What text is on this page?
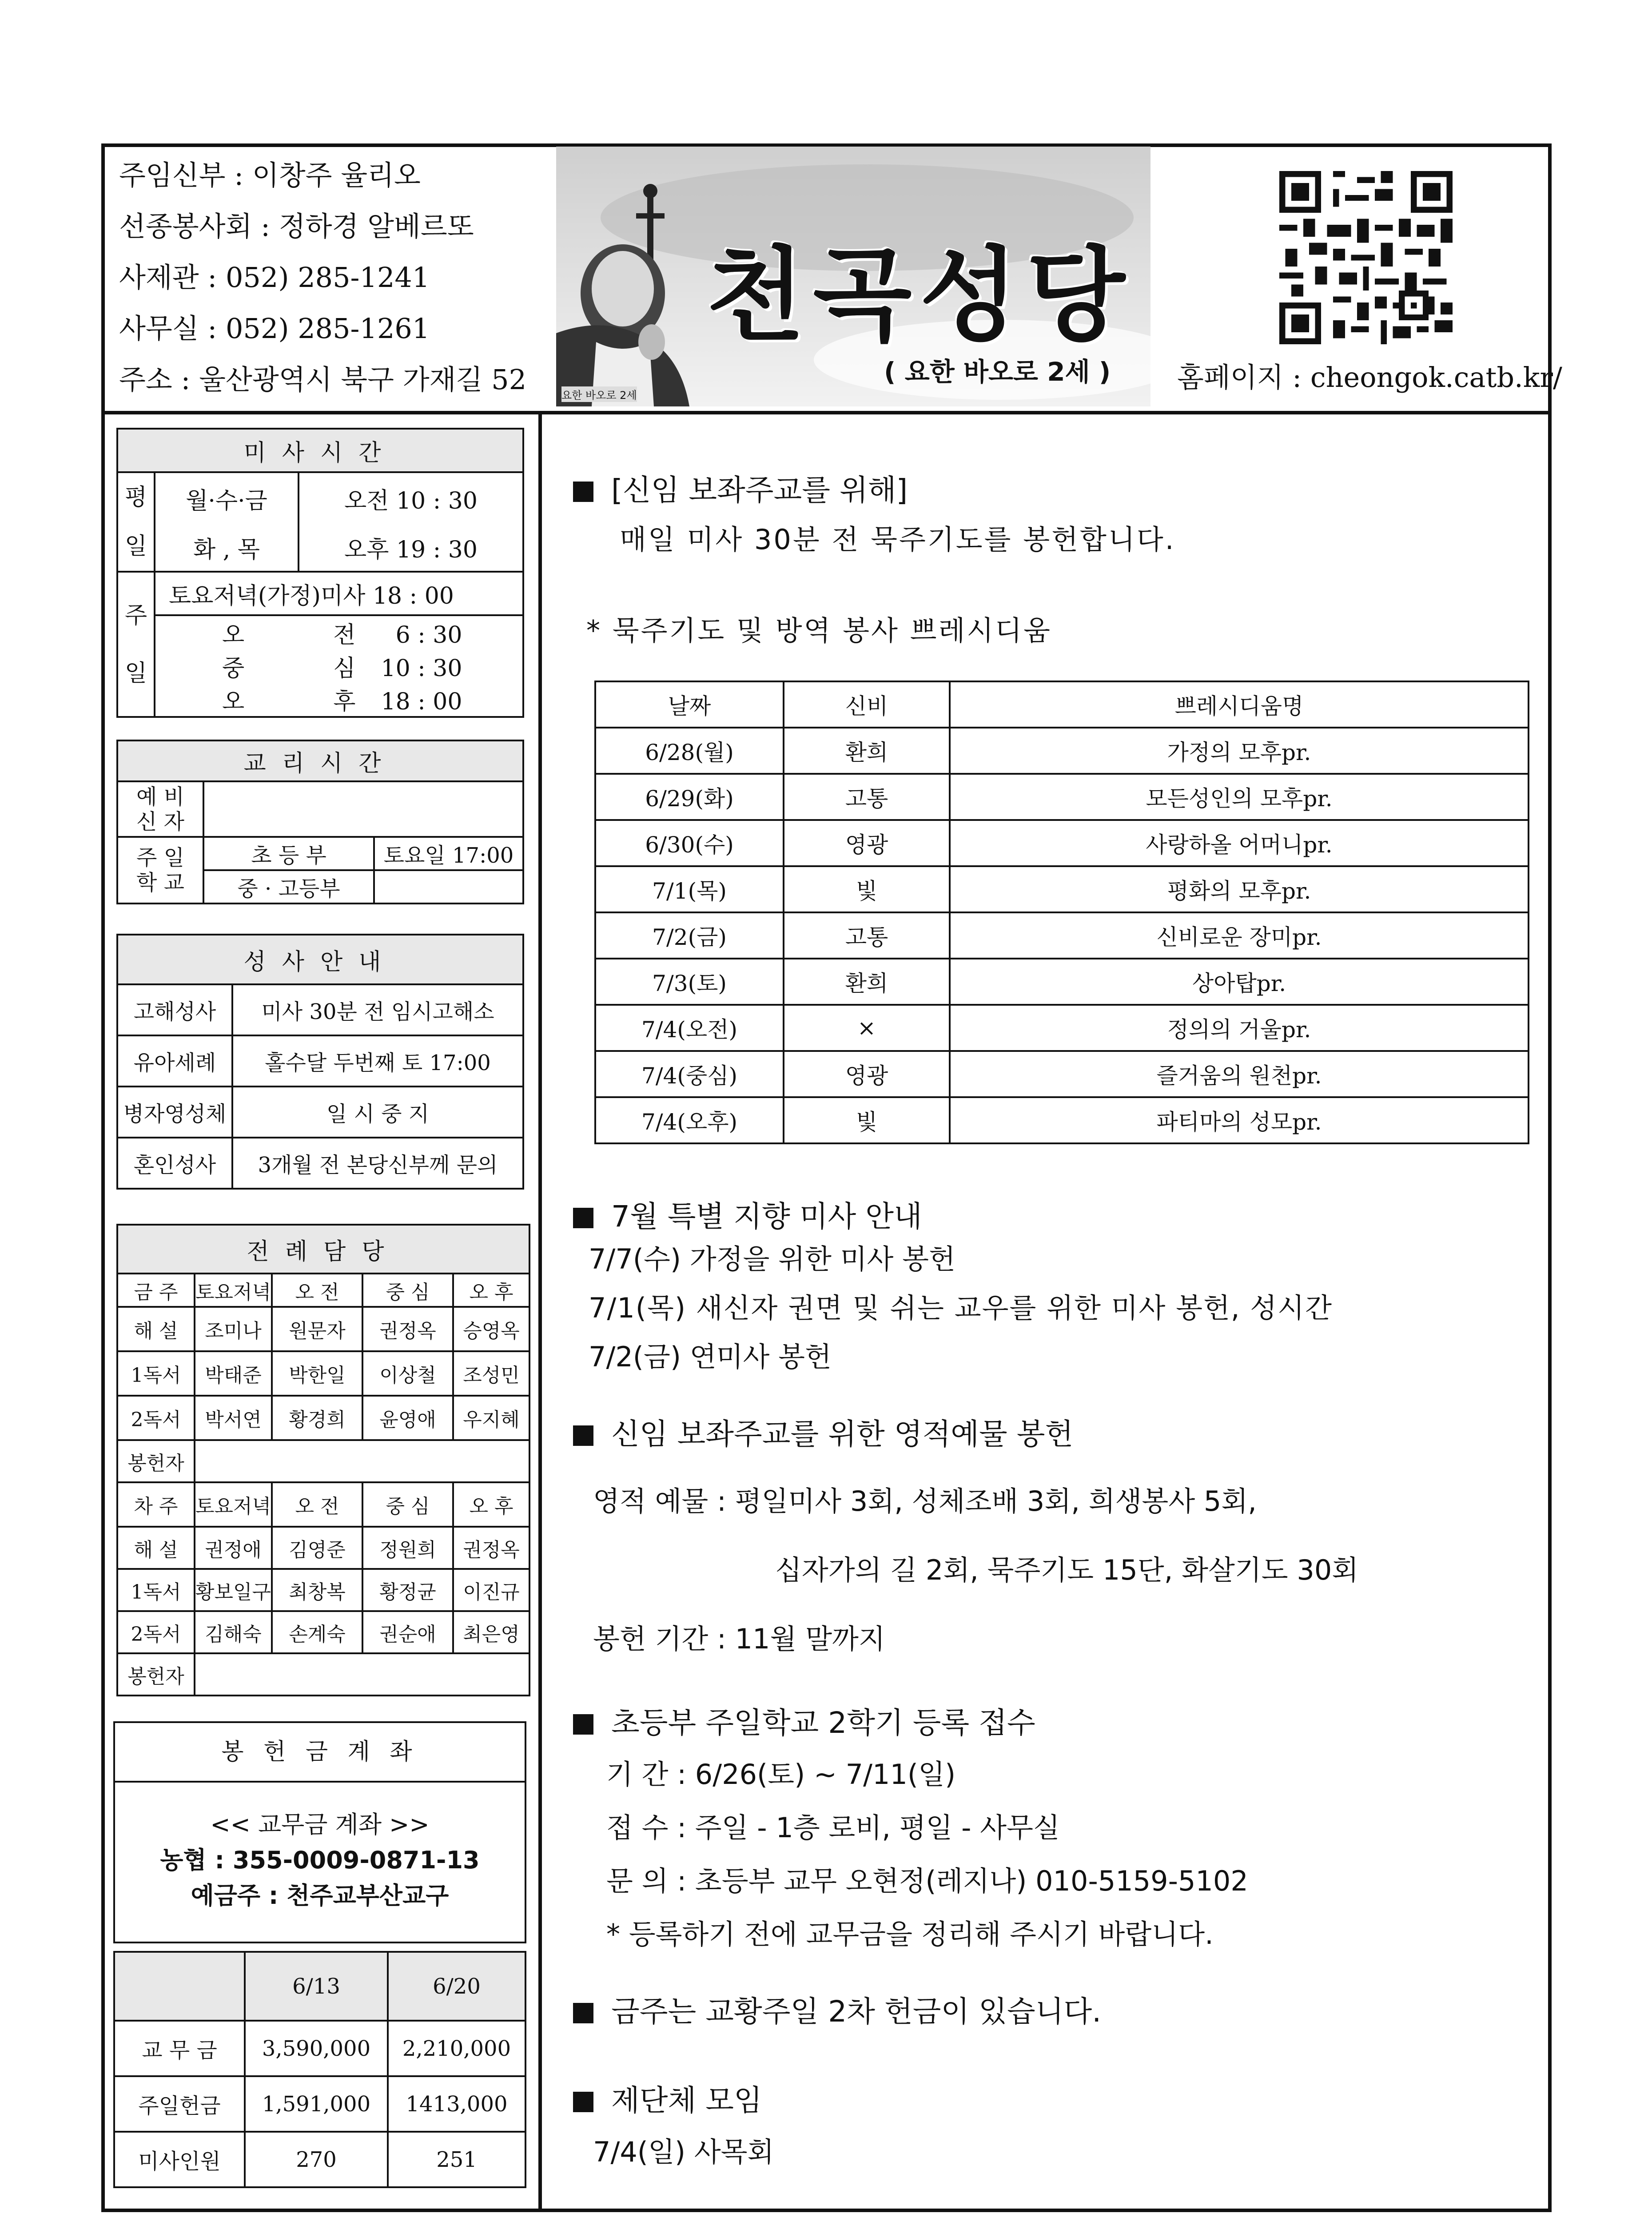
주임신부 : 이창주 율리오
선종봉사회 : 정하경 알베르또
사제관 : 052) 285-1241
사무실 : 052) 285-1261
주소 : 울산광역시 북구 가재길 52
천곡성당
( 요한 바오로 2세 )
요한 바오로 2세
홈페이지 : cheongok.catb.kr/
미사시간		

평
일	월·수·금	오전 10 : 30
	화 , 목	오후 19 : 30

주
일	토요저녁(가정)미사 18 : 00	
	오 전 6 : 30	
	중 심 10 : 30	
	오 후 18 : 00	
교리시간		

예 비
신 자		

주 일
학 교	초 등 부	토요일 17:00
	중 · 고등부	
성사안내	
고해성사	미사 30분 전 임시고해소
유아세례	홀수달 두번째 토 17:00
병자영성체	일 시 중 지
혼인성사	3개월 전 본당신부께 문의
전례담당				
금 주	토요저녁	오 전	중 심	오 후
해 설	조미나	원문자	권정옥	승영옥
1독서	박태준	박한일	이상철	조성민
2독서	박서연	황경희	윤영애	우지혜
봉헌자				
차 주	토요저녁	오 전	중 심	오 후
해 설	권정애	김영준	정원희	권정옥
1독서	황보일구	최창복	황정균	이진규
2독서	김해숙	손계숙	권순애	최은영
봉헌자				
봉 헌 금 계 좌
<< 교무금 계좌 >>
농협 : 355-0009-0871-13
예금주 : 천주교부산교구
	6/13	6/20
교 무 금	3,590,000	2,210,000
주일헌금	1,591,000	1413,000
미사인원	270	251
[신임 보좌주교를 위해]
매일 미사 30분 전 묵주기도를 봉헌합니다.
* 묵주기도 및 방역 봉사 쁘레시디움
날짜	신비	쁘레시디움명
6/28(월)	환희	가정의 모후pr.
6/29(화)	고통	모든성인의 모후pr.
6/30(수)	영광	사랑하올 어머니pr.
7/1(목)	빛	평화의 모후pr.
7/2(금)	고통	신비로운 장미pr.
7/3(토)	환희	상아탑pr.
7/4(오전)	×	정의의 거울pr.
7/4(중심)	영광	즐거움의 원천pr.
7/4(오후)	빛	파티마의 성모pr.
7월 특별 지향 미사 안내
7/7(수) 가정을 위한 미사 봉헌
7/1(목) 새신자 권면 및 쉬는 교우를 위한 미사 봉헌, 성시간
7/2(금) 연미사 봉헌
신임 보좌주교를 위한 영적예물 봉헌
영적 예물 : 평일미사 3회, 성체조배 3회, 희생봉사 5회,
십자가의 길 2회, 묵주기도 15단, 화살기도 30회
봉헌 기간 : 11월 말까지
초등부 주일학교 2학기 등록 접수
기 간 : 6/26(토) ~ 7/11(일)
접 수 : 주일 - 1층 로비, 평일 - 사무실
문 의 : 초등부 교무 오현정(레지나) 010-5159-5102
* 등록하기 전에 교무금을 정리해 주시기 바랍니다.
금주는 교황주일 2차 헌금이 있습니다.
제단체 모임
7/4(일) 사목회
